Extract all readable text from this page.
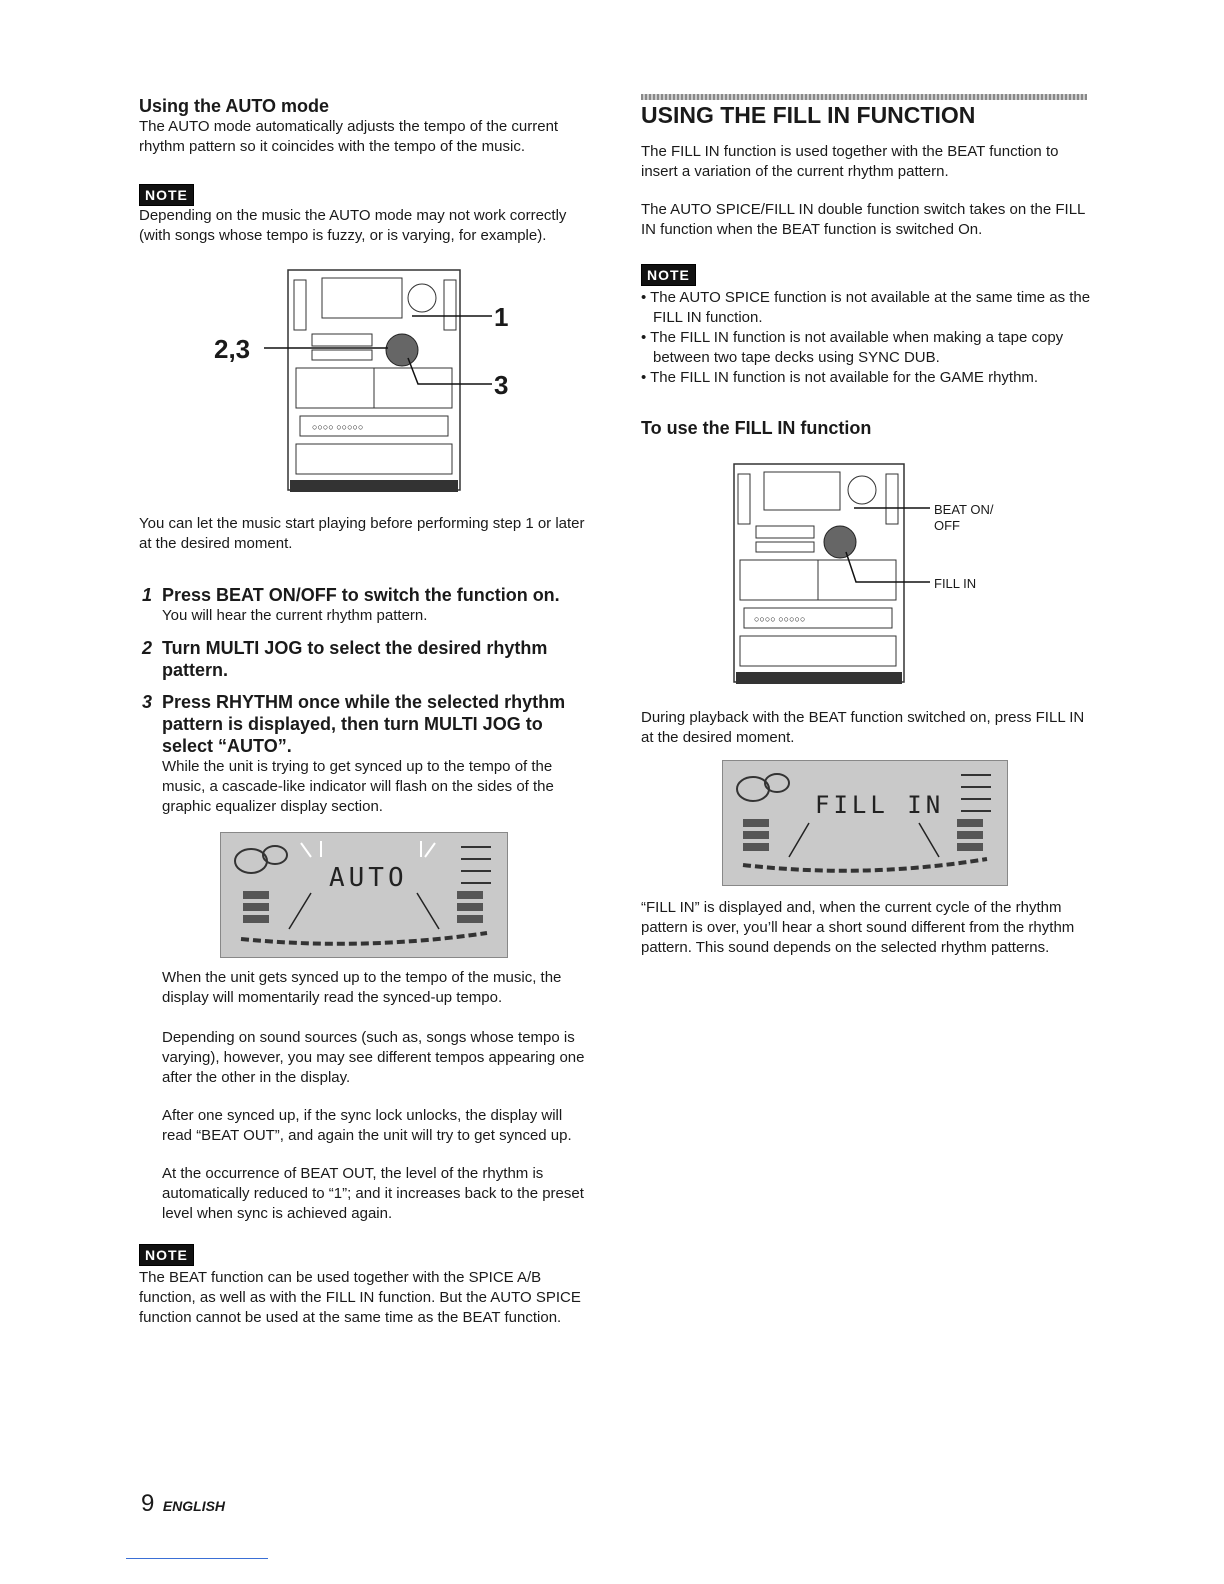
Using the AUTO mode

The AUTO mode automatically adjusts the tempo of the current rhythm pattern so it coincides with the tempo of the music.

NOTE

Depending on the music the AUTO mode may not work correctly (with songs whose tempo is fuzzy, or is varying, for example).

○○○○ ○○○○○
2,3
1
3

You can let the music start playing before performing step 1 or later at the desired moment.

1 Press BEAT ON/OFF to switch the function on.

You will hear the current rhythm pattern.

2 Turn MULTI JOG to select the desired rhythm pattern.

3 Press RHYTHM once while the selected rhythm pattern is displayed, then turn MULTI JOG to select “AUTO”.

While the unit is trying to get synced up to the tempo of the music, a cascade-like indicator will flash on the sides of the graphic equalizer display section.

AUTO

When the unit gets synced up to the tempo of the music, the display will momentarily read the synced-up tempo.

Depending on sound sources (such as, songs whose tempo is varying), however, you may see different tempos appearing one after the other in the display.

After one synced up, if the sync lock unlocks, the display will read “BEAT OUT”, and again the unit will try to get synced up.

At the occurrence of BEAT OUT, the level of the rhythm is automatically reduced to “1”; and it increases back to the preset level when sync is achieved again.

NOTE

The BEAT function can be used together with the SPICE A/B function, as well as with the FILL IN function. But the AUTO SPICE function cannot be used at the same time as the BEAT function.

USING THE FILL IN FUNCTION

The FILL IN function is used together with the BEAT function to insert a variation of the current rhythm pattern.

The AUTO SPICE/FILL IN double function switch takes on the FILL IN function when the BEAT function is switched On.

NOTE
• The AUTO SPICE function is not available at the same time as the FILL IN function.
• The FILL IN function is not available when making a tape copy between two tape decks using SYNC DUB.
• The FILL IN function is not available for the GAME rhythm.

To use the FILL IN function

○○○○ ○○○○○
BEAT ON/
OFF
FILL IN

During playback with the BEAT function switched on, press FILL IN at the desired moment.

FILL IN

“FILL IN” is displayed and, when the current cycle of the rhythm pattern is over, you’ll hear a short sound different from the rhythm pattern. This sound depends on the selected rhythm patterns.

9 ENGLISH
